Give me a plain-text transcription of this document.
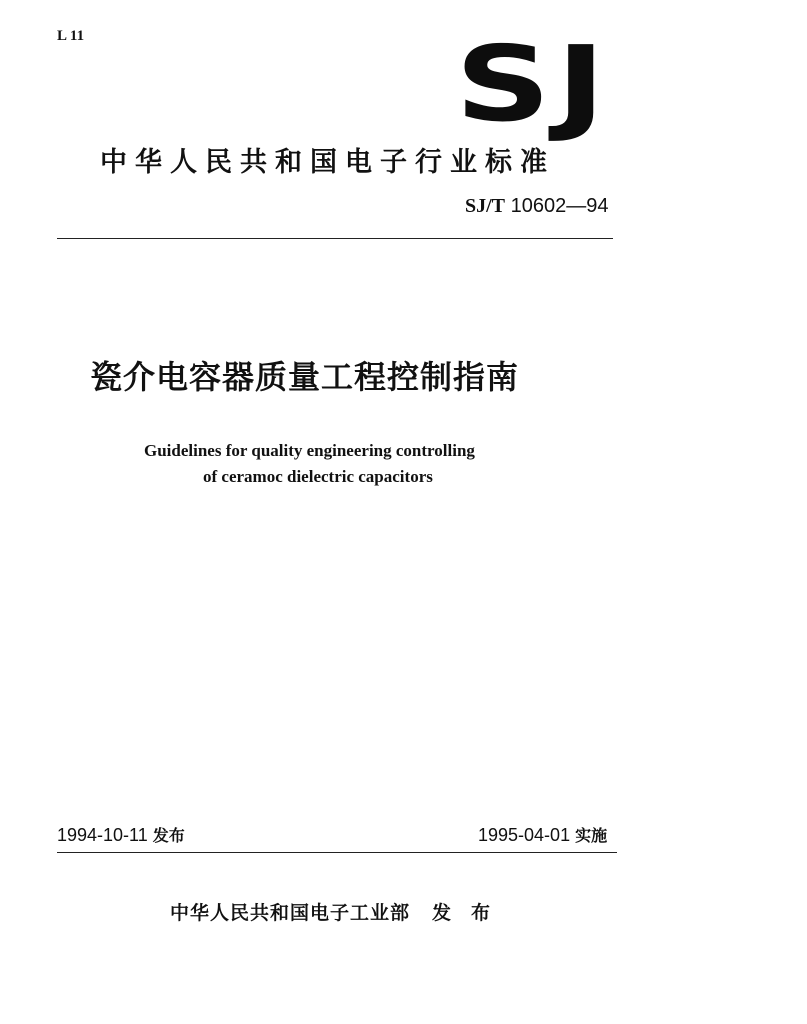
L 11	SJ
中华人民共和国电子行业标准
SJ/T 10602—94
瓷介电容器质量工程控制指南
Guidelines for quality engineering controlling
of ceramoc dielectric capacitors
1994-10-11 发布	1995-04-01 实施
中华人民共和国电子工业部 发布
